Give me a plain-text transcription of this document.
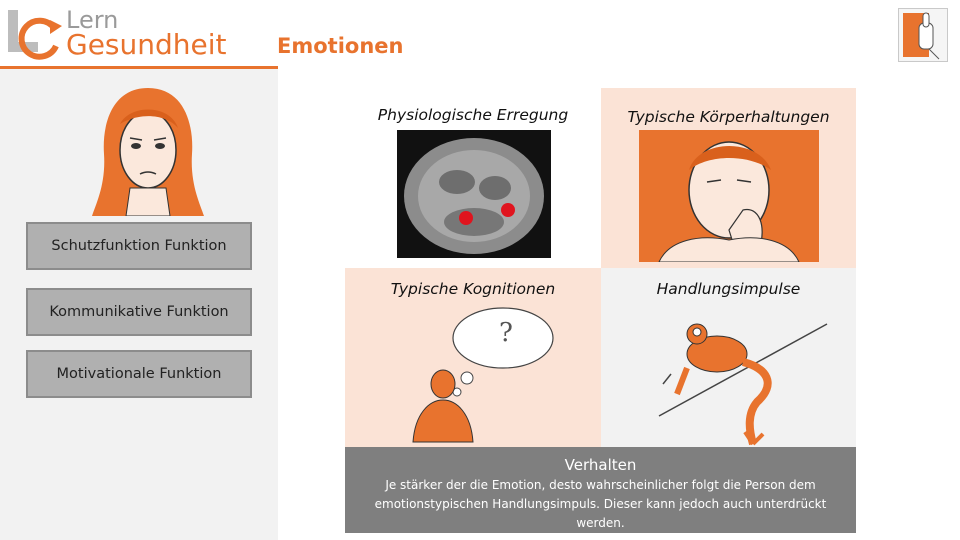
Lern
Gesundheit Emotionen
Schutzfunktion Funktion
Kommunikative Funktion
Motivationale Funktion
Physiologische Erregung	Typische Körperhaltungen
Typische Kognitionen
?
Handlungsimpulse
Verhalten
Je stärker der die Emotion, desto wahrscheinlicher folgt die Person dem emotionstypischen Handlungsimpuls. Dieser kann jedoch auch unterdrückt werden.
